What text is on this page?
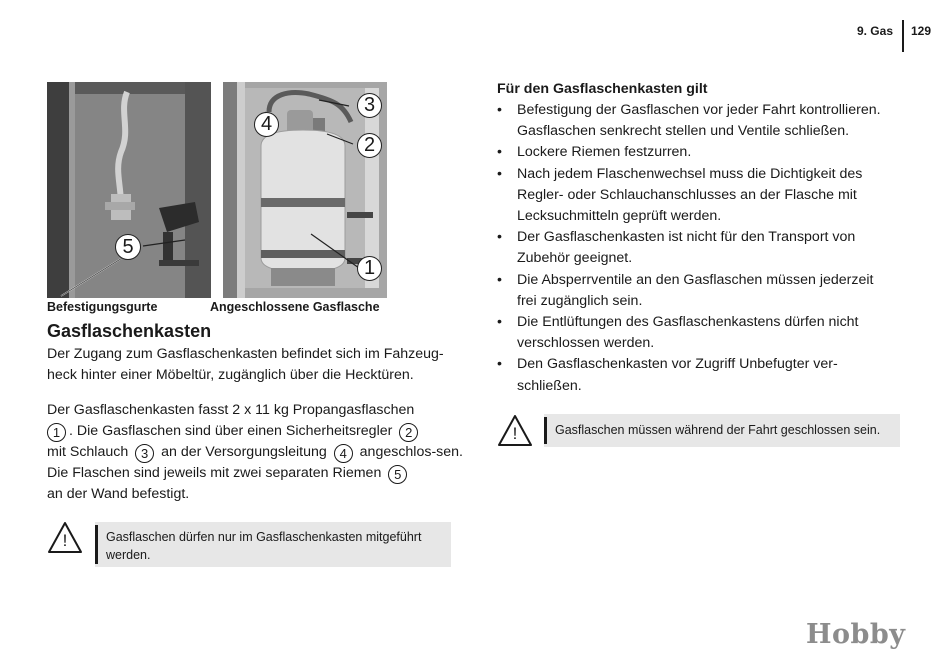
9. Gas 129
5
Befestigungsgurte
3
4
2
1
Angeschlossene Gasflasche
Gasflaschenkasten
Der Zugang zum Gasflaschenkasten befindet sich im Fahzeug-heck hinter einer Möbeltür, zugänglich über die Hecktüren.
Der Gasflaschenkasten fasst 2 x 11 kg Propangasflaschen
1 . Die Gasflaschen sind über einen Sicherheitsregler 2
mit Schlauch 3 an der Versorgungsleitung 4 angeschlos-sen. Die Flaschen sind jeweils mit zwei separaten Riemen 5
an der Wand befestigt.
!	Gasflaschen dürfen nur im Gasflaschenkasten mitgeführt
werden.
Für den Gasflaschenkasten gilt
• Befestigung der Gasflaschen vor jeder Fahrt kontrollieren.
Gasflaschen senkrecht stellen und Ventile schließen.
• Lockere Riemen festzurren.
• Nach jedem Flaschenwechsel muss die Dichtigkeit des
Regler- oder Schlauchanschlusses an der Flasche mit
Lecksuchmitteln geprüft werden.
• Der Gasflaschenkasten ist nicht für den Transport von
Zubehör geeignet.
• Die Absperrventile an den Gasflaschen müssen jederzeit
frei zugänglich sein.
• Die Entlüftungen des Gasflaschenkastens dürfen nicht
verschlossen werden.
• Den Gasflaschenkasten vor Zugriff Unbefugter ver-
schließen.
!	Gasflaschen müssen während der Fahrt geschlossen sein.
Hobby
